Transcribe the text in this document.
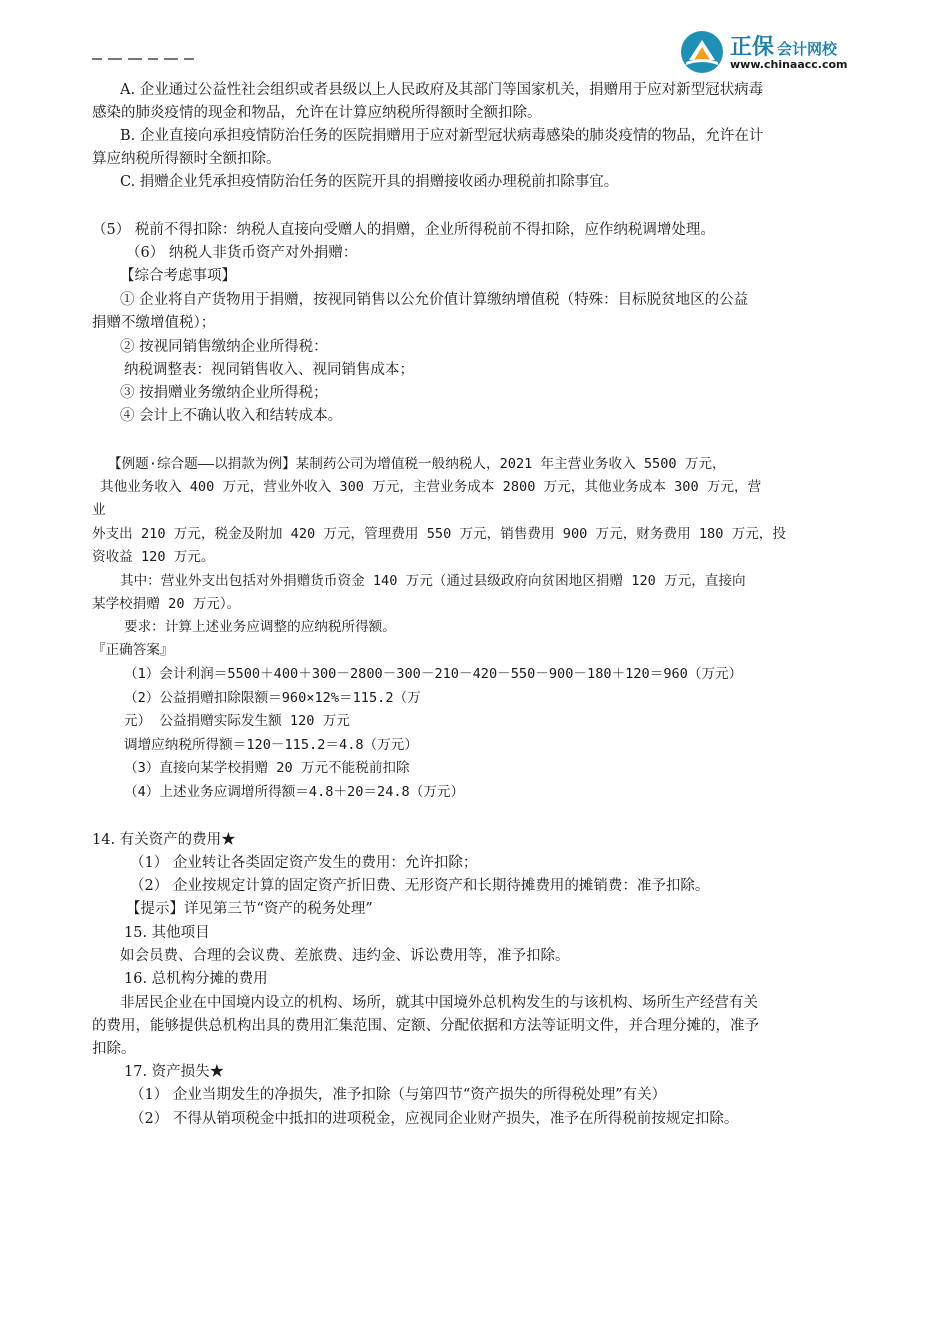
正保 会计网校
www.chinaacc.com
A. 企业通过公益性社会组织或者县级以上人民政府及其部门等国家机关，捐赠用于应对新型冠状病毒
感染的肺炎疫情的现金和物品，允许在计算应纳税所得额时全额扣除。
B. 企业直接向承担疫情防治任务的医院捐赠用于应对新型冠状病毒感染的肺炎疫情的物品，允许在计
算应纳税所得额时全额扣除。
C. 捐赠企业凭承担疫情防治任务的医院开具的捐赠接收函办理税前扣除事宜。
（5） 税前不得扣除：纳税人直接向受赠人的捐赠，企业所得税前不得扣除，应作纳税调增处理。
（6） 纳税人非货币资产对外捐赠：
【综合考虑事项】
① 企业将自产货物用于捐赠，按视同销售以公允价值计算缴纳增值税（特殊：目标脱贫地区的公益
捐赠不缴增值税）；
② 按视同销售缴纳企业所得税：
纳税调整表：视同销售收入、视同销售成本；
③ 按捐赠业务缴纳企业所得税；
④ 会计上不确认收入和结转成本。
【例题·综合题——以捐款为例】某制药公司为增值税一般纳税人，2021 年主营业务收入 5500 万元，
其他业务收入 400 万元，营业外收入 300 万元，主营业务成本 2800 万元，其他业务成本 300 万元，营
业
外支出 210 万元，税金及附加 420 万元，管理费用 550 万元，销售费用 900 万元，财务费用 180 万元，投
资收益 120 万元。
其中：营业外支出包括对外捐赠货币资金 140 万元（通过县级政府向贫困地区捐赠 120 万元，直接向
某学校捐赠 20 万元）。
要求：计算上述业务应调整的应纳税所得额。
『正确答案』
（1）会计利润＝5500＋400＋300－2800－300－210－420－550－900－180＋120＝960（万元）
（2）公益捐赠扣除限额＝960×12%＝115.2（万
元） 公益捐赠实际发生额 120 万元
调增应纳税所得额＝120－115.2＝4.8（万元）
（3）直接向某学校捐赠 20 万元不能税前扣除
（4）上述业务应调增所得额＝4.8＋20＝24.8（万元）
14. 有关资产的费用★
（1） 企业转让各类固定资产发生的费用：允许扣除；
（2） 企业按规定计算的固定资产折旧费、无形资产和长期待摊费用的摊销费：准予扣除。
【提示】详见第三节“资产的税务处理”
15. 其他项目
如会员费、合理的会议费、差旅费、违约金、诉讼费用等，准予扣除。
16. 总机构分摊的费用
非居民企业在中国境内设立的机构、场所，就其中国境外总机构发生的与该机构、场所生产经营有关
的费用，能够提供总机构出具的费用汇集范围、定额、分配依据和方法等证明文件，并合理分摊的，准予
扣除。
17. 资产损失★
（1） 企业当期发生的净损失，准予扣除（与第四节“资产损失的所得税处理”有关）
（2） 不得从销项税金中抵扣的进项税金，应视同企业财产损失，准予在所得税前按规定扣除。
